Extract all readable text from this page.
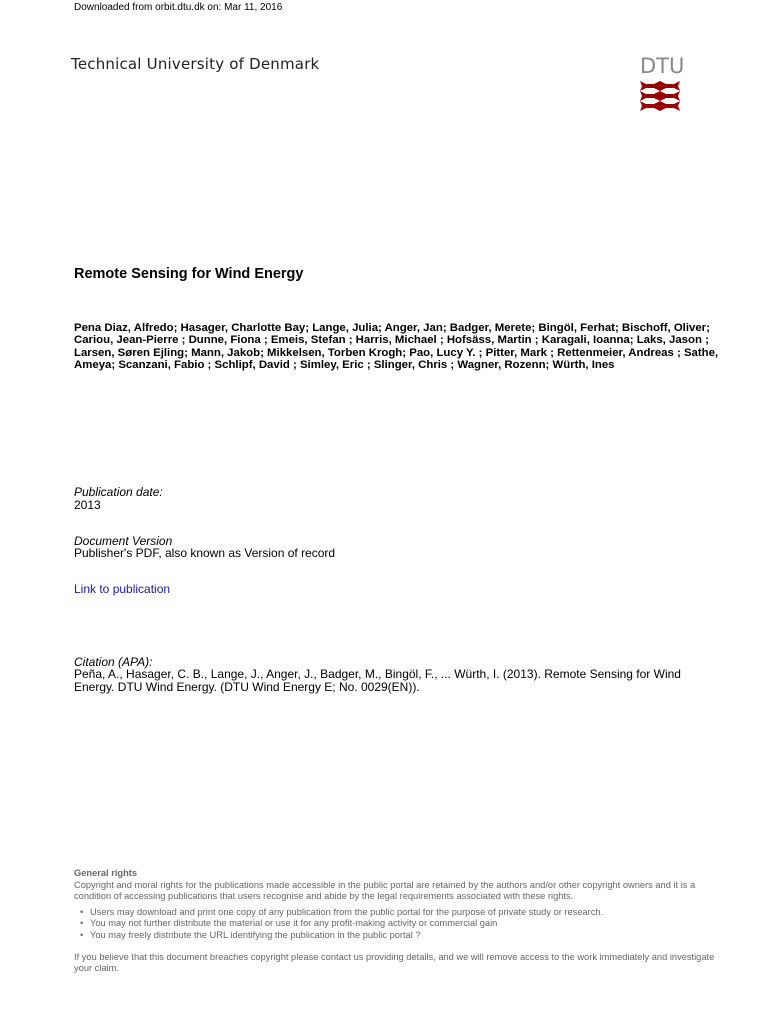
Downloaded from orbit.dtu.dk on: Mar 11, 2016
Technical University of Denmark	DTU
Remote Sensing for Wind Energy
Pena Diaz, Alfredo; Hasager, Charlotte Bay; Lange, Julia; Anger, Jan; Badger, Merete; Bingöl, Ferhat; Bischoff, Oliver; Cariou, Jean-Pierre ; Dunne, Fiona ; Emeis, Stefan ; Harris, Michael ; Hofsäss, Martin ; Karagali, Ioanna; Laks, Jason ; Larsen, Søren Ejling; Mann, Jakob; Mikkelsen, Torben Krogh; Pao, Lucy Y. ; Pitter, Mark ; Rettenmeier, Andreas ; Sathe, Ameya; Scanzani, Fabio ; Schlipf, David ; Simley, Eric ; Slinger, Chris ; Wagner, Rozenn; Würth, Ines
Publication date:
2013
Document Version
Publisher's PDF, also known as Version of record
Link to publication
Citation (APA):
Peña, A., Hasager, C. B., Lange, J., Anger, J., Badger, M., Bingöl, F., ... Würth, I. (2013). Remote Sensing for Wind Energy. DTU Wind Energy. (DTU Wind Energy E; No. 0029(EN)).
General rights
Copyright and moral rights for the publications made accessible in the public portal are retained by the authors and/or other copyright owners and it is a condition of accessing publications that users recognise and abide by the legal requirements associated with these rights.
• Users may download and print one copy of any publication from the public portal for the purpose of private study or research.
• You may not further distribute the material or use it for any profit-making activity or commercial gain
• You may freely distribute the URL identifying the publication in the public portal ?
If you believe that this document breaches copyright please contact us providing details, and we will remove access to the work immediately and investigate your claim.
